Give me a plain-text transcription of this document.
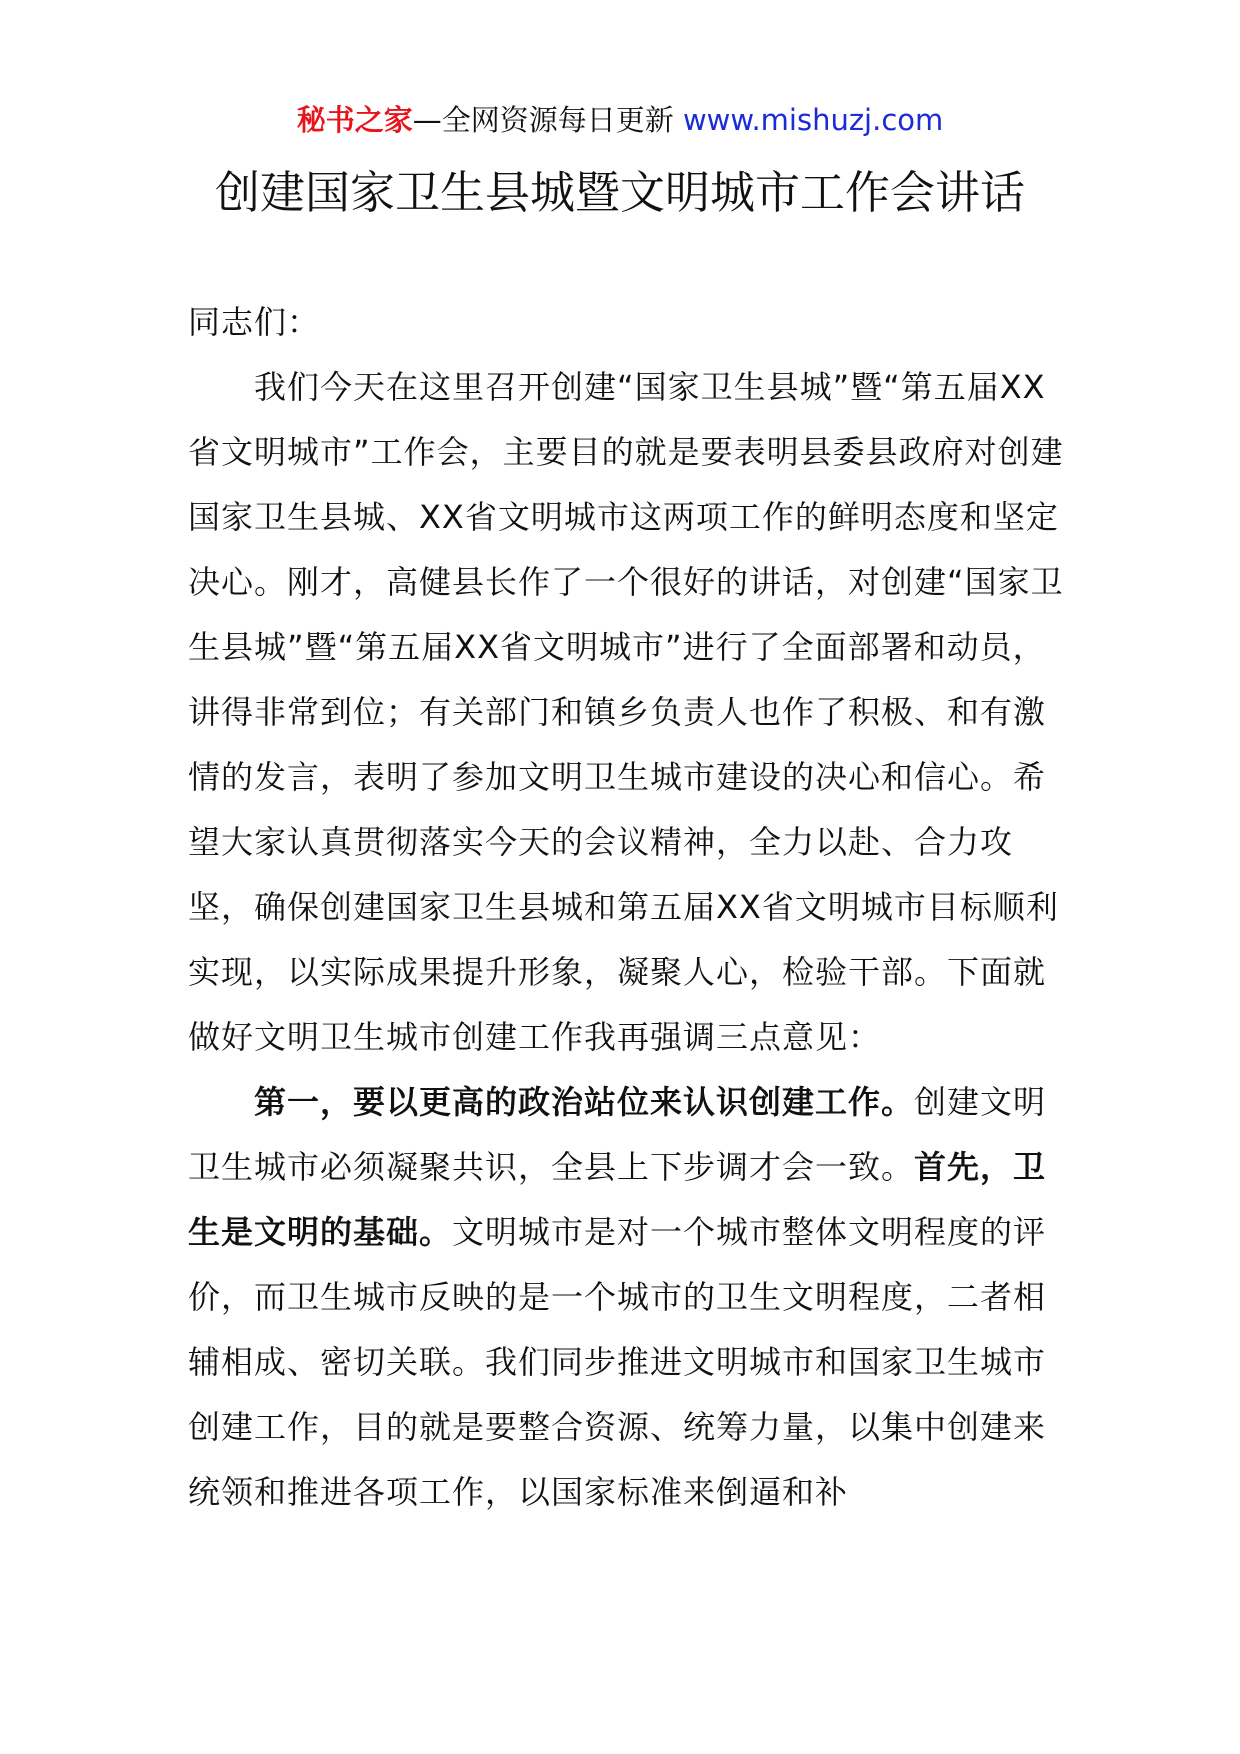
秘书之家—全网资源每日更新 www.mishuzj.com
创建国家卫生县城暨文明城市工作会讲话

同志们：

我们今天在这里召开创建“国家卫生县城”暨“第五届XX省文明城市”工作会，主要目的就是要表明县委县政府对创建国家卫生县城、XX省文明城市这两项工作的鲜明态度和坚定决心。刚才，高健县长作了一个很好的讲话，对创建“国家卫生县城”暨“第五届XX省文明城市”进行了全面部署和动员，讲得非常到位；有关部门和镇乡负责人也作了积极、和有激情的发言，表明了参加文明卫生城市建设的决心和信心。希望大家认真贯彻落实今天的会议精神，全力以赴、合力攻坚，确保创建国家卫生县城和第五届XX省文明城市目标顺利实现，以实际成果提升形象，凝聚人心，检验干部。下面就做好文明卫生城市创建工作我再强调三点意见：

第一，要以更高的政治站位来认识创建工作。创建文明卫生城市必须凝聚共识，全县上下步调才会一致。首先，卫生是文明的基础。文明城市是对一个城市整体文明程度的评价，而卫生城市反映的是一个城市的卫生文明程度，二者相辅相成、密切关联。我们同步推进文明城市和国家卫生城市创建工作，目的就是要整合资源、统筹力量，以集中创建来统领和推进各项工作，以国家标准来倒逼和补
